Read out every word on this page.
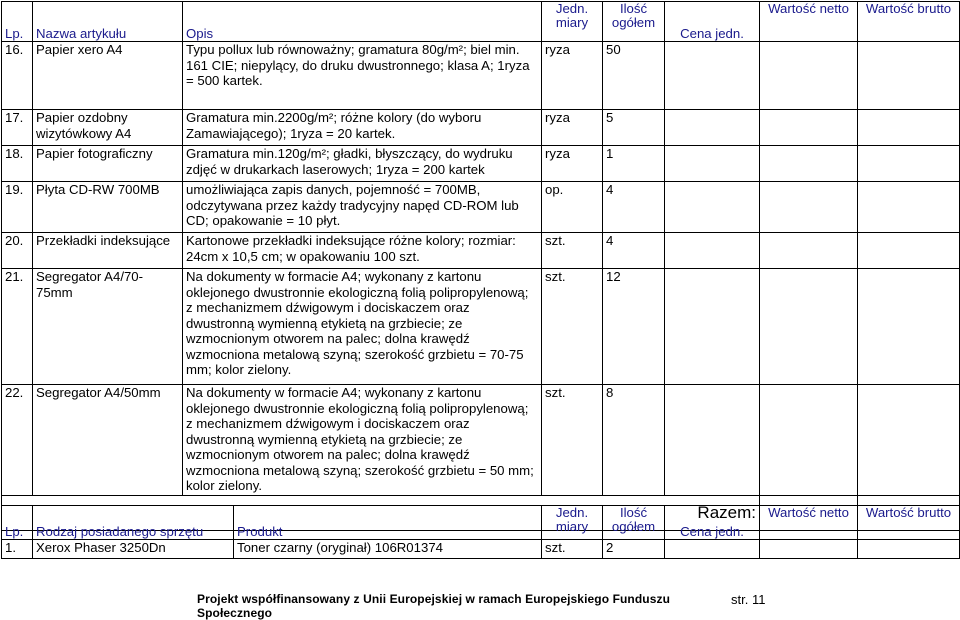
Lp.	Nazwa artykułu	Opis	Jedn. miary	Ilość ogółem	Cena jedn.	Wartość netto	Wartość brutto
16.	Papier xero A4	Typu pollux lub równoważny; gramatura 80g/m²; biel min. 161 CIE; niepylący, do druku dwustronnego; klasa A; 1ryza = 500 kartek.	ryza	50			
17.	Papier ozdobny wizytówkowy A4	Gramatura min.2200g/m²; różne kolory (do wyboru Zamawiającego); 1ryza = 20 kartek.	ryza	5			
18.	Papier fotograficzny	Gramatura min.120g/m²; gładki, błyszczący, do wydruku zdjęć w drukarkach laserowych; 1ryza = 200 kartek	ryza	1			
19.	Płyta CD-RW 700MB	umożliwiająca zapis danych, pojemność = 700MB, odczytywana przez każdy tradycyjny napęd CD-ROM lub CD; opakowanie = 10 płyt.	op.	4			
20.	Przekładki indeksujące	Kartonowe przekładki indeksujące różne kolory; rozmiar: 24cm x 10,5 cm; w opakowaniu 100 szt.	szt.	4			
21.	Segregator A4/70-75mm	Na dokumenty w formacie A4; wykonany z kartonu oklejonego dwustronnie ekologiczną folią polipropylenową; z mechanizmem dźwigowym i dociskaczem oraz dwustronną wymienną etykietą na grzbiecie; ze wzmocnionym otworem na palec; dolna krawędź wzmocniona metalową szyną; szerokość grzbietu = 70-75 mm; kolor zielony.	szt.	12			
22.	Segregator A4/50mm	Na dokumenty w formacie A4; wykonany z kartonu oklejonego dwustronnie ekologiczną folią polipropylenową; z mechanizmem dźwigowym i dociskaczem oraz dwustronną wymienną etykietą na grzbiecie; ze wzmocnionym otworem na palec; dolna krawędź wzmocniona metalową szyną; szerokość grzbietu = 50 mm; kolor zielony.	szt.	8			
Razem:							
Lp.	Rodzaj posiadanego sprzętu	Produkt	Jedn. miary	Ilość ogółem	Cena jedn.	Wartość netto	Wartość brutto
1.	Xerox Phaser 3250Dn	Toner czarny (oryginał) 106R01374	szt.	2			
Projekt współfinansowany z Unii Europejskiej w ramach Europejskiego Funduszu Społecznego
str. 11
